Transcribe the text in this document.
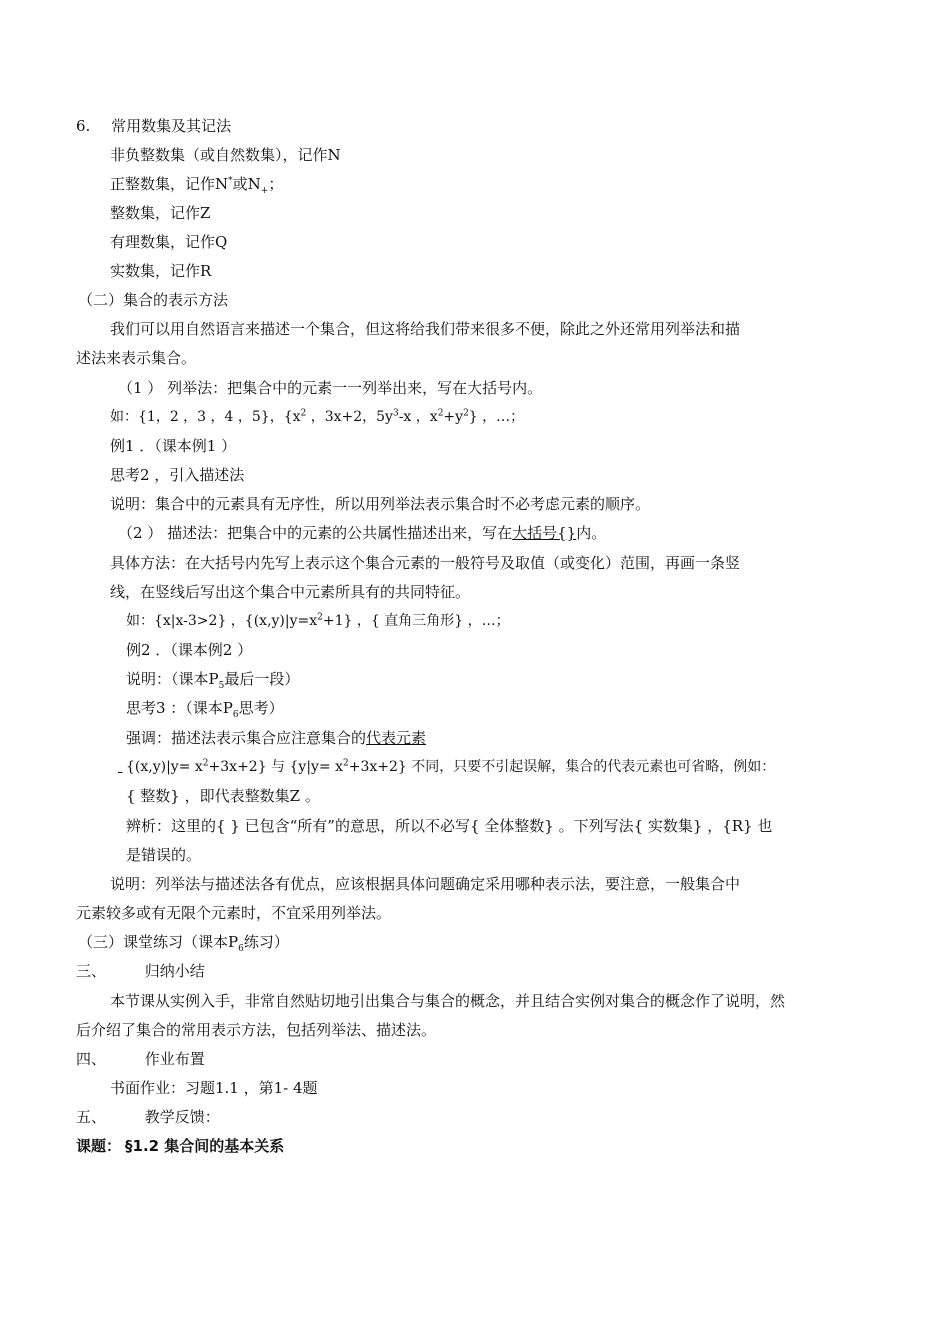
6. 常用数集及其记法
非负整数集（或自然数集），记作N
正整数集，记作N*或$N_+$；
整数集，记作Z
有理数集，记作Q
实数集，记作R
（二）集合的表示方法
我们可以用自然语言来描述一个集合，但这将给我们带来很多不便，除此之外还常用列举法和描
述法来表示集合。
（1 ） 列举法：把集合中的元素一一列举出来，写在大括号内。
如：{1，2 ，3 ，4 ，5}，{$x^2$ ，3x+2，$5y^3-x$ ，$x^2+y^2$} ，…；
例1 ．（课本例1 ）
思考2 ，引入描述法
说明：集合中的元素具有无序性，所以用列举法表示集合时不必考虑元素的顺序。
（2 ） 描述法：把集合中的元素的公共属性描述出来，写在大括号{}内。
具体方法：在大括号内先写上表示这个集合元素的一般符号及取值（或变化）范围，再画一条竖
线，在竖线后写出这个集合中元素所具有的共同特征。
如：{x|x-3>2} ，$\{(x,y)|y=x^2+1\}$ ，{ 直角三角形} ，…；
例2 ．（课本例2 ）
说明：（课本$P_5$最后一段）
思考3 ：（课本$P_6$思考）
强调：描述法表示集合应注意集合的代表元素
$\{(x,y)|y= x^2+3x+2\}$ 与 $\{y|y= x^2+3x+2\}$ 不同，只要不引起误解，集合的代表元素也可省略，例如：
{ 整数} ，即代表整数集Z 。
辨析：这里的{ } 已包含“所有”的意思，所以不必写{ 全体整数} 。下列写法{ 实数集} ，{R} 也
是错误的。
说明：列举法与描述法各有优点，应该根据具体问题确定采用哪种表示法，要注意，一般集合中
元素较多或有无限个元素时，不宜采用列举法。
（三）课堂练习（课本$P_6$练习）
三、	归纳小结
本节课从实例入手，非常自然贴切地引出集合与集合的概念，并且结合实例对集合的概念作了说明，然
后介绍了集合的常用表示方法，包括列举法、描述法。
四、	作业布置
书面作业：习题1.1 ，第1- 4题
五、	教学反馈：
课题： §1.2 集合间的基本关系
